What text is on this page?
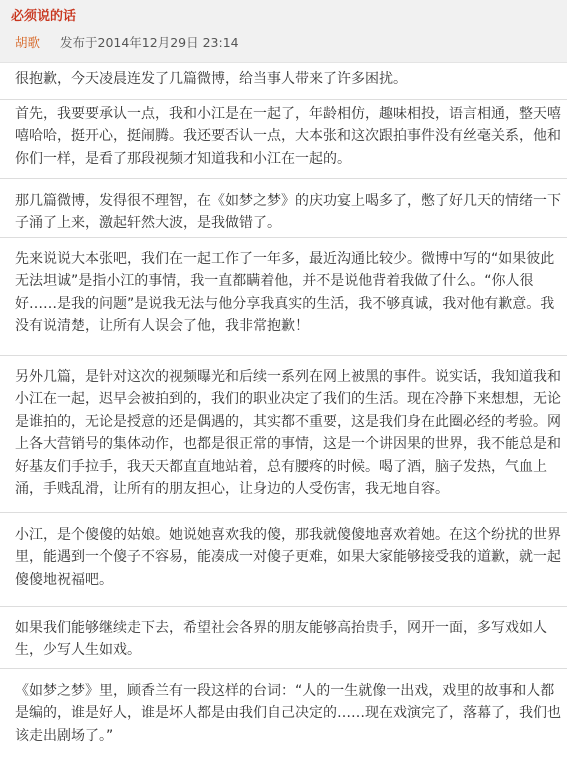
必须说的话
胡歌 发布于2014年12月29日 23:14

很抱歉，今天凌晨连发了几篇微博，给当事人带来了许多困扰。

首先，我要要承认一点，我和小江是在一起了，年龄相仿，趣味相投，语言相通，整天嘻嘻哈哈，挺开心，挺闹腾。我还要否认一点，大本张和这次跟拍事件没有丝毫关系，他和你们一样，是看了那段视频才知道我和小江在一起的。

那几篇微博，发得很不理智，在《如梦之梦》的庆功宴上喝多了，憋了好几天的情绪一下子涌了上来，激起轩然大波，是我做错了。

先来说说大本张吧，我们在一起工作了一年多，最近沟通比较少。微博中写的“如果彼此无法坦诚”是指小江的事情，我一直都瞒着他，并不是说他背着我做了什么。“你人很好……是我的问题”是说我无法与他分享我真实的生活，我不够真诚，我对他有歉意。我没有说清楚，让所有人误会了他，我非常抱歉！

另外几篇，是针对这次的视频曝光和后续一系列在网上被黑的事件。说实话，我知道我和小江在一起，迟早会被拍到的，我们的职业决定了我们的生活。现在冷静下来想想，无论是谁拍的，无论是授意的还是偶遇的，其实都不重要，这是我们身在此圈必经的考验。网上各大营销号的集体动作，也都是很正常的事情，这是一个讲因果的世界，我不能总是和好基友们手拉手，我天天都直直地站着，总有腰疼的时候。喝了酒，脑子发热，气血上涌，手贱乱滑，让所有的朋友担心，让身边的人受伤害，我无地自容。

小江，是个傻傻的姑娘。她说她喜欢我的傻，那我就傻傻地喜欢着她。在这个纷扰的世界里，能遇到一个傻子不容易，能凑成一对傻子更难，如果大家能够接受我的道歉，就一起傻傻地祝福吧。

如果我们能够继续走下去，希望社会各界的朋友能够高抬贵手，网开一面，多写戏如人生，少写人生如戏。

《如梦之梦》里，顾香兰有一段这样的台词：“人的一生就像一出戏，戏里的故事和人都是编的，谁是好人，谁是坏人都是由我们自己决定的……现在戏演完了，落幕了，我们也该走出剧场了。”
